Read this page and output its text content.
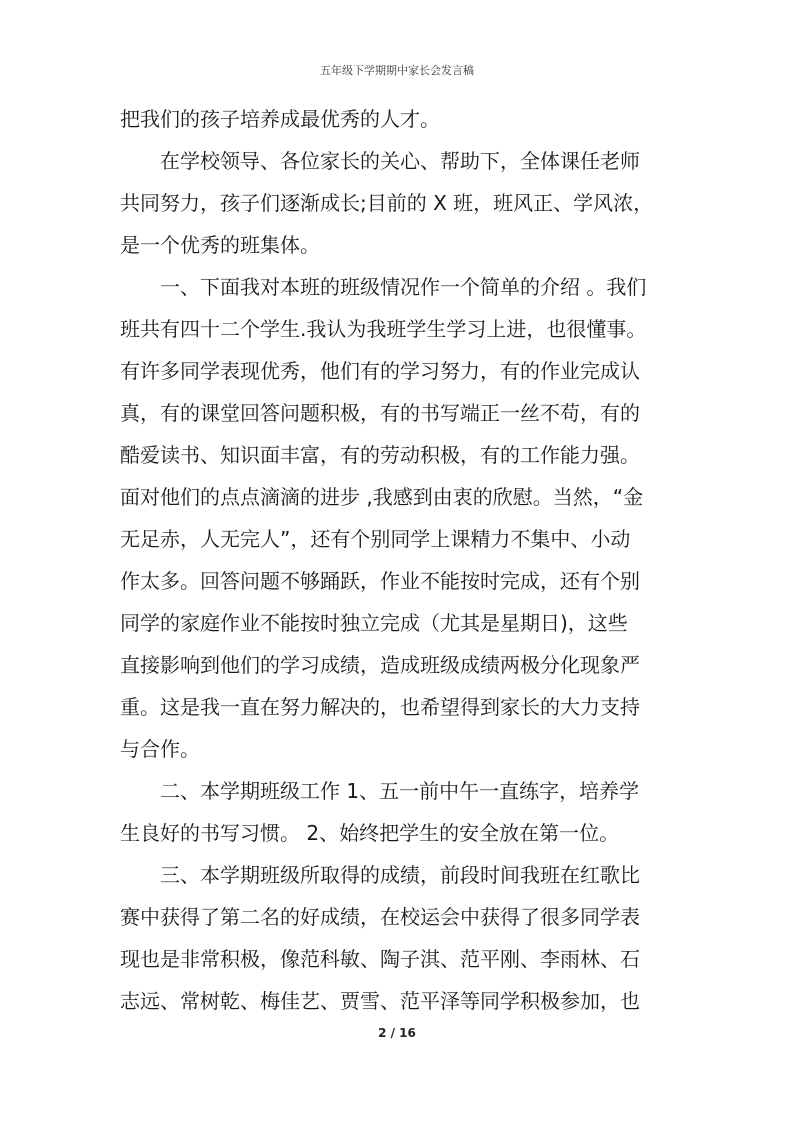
五年级下学期期中家长会发言稿
把我们的孩子培养成最优秀的人才。
　　在学校领导、各位家长的关心、帮助下，全体课任老师
共同努力，孩子们逐渐成长;目前的 X 班，班风正、学风浓，
是一个优秀的班集体。
　　一、下面我对本班的班级情况作一个简单的介绍 。我们
班共有四十二个学生.我认为我班学生学习上进，也很懂事。
有许多同学表现优秀，他们有的学习努力，有的作业完成认
真，有的课堂回答问题积极，有的书写端正一丝不苟，有的
酷爱读书、知识面丰富，有的劳动积极，有的工作能力强。
面对他们的点点滴滴的进步 ,我感到由衷的欣慰。当然，“金
无足赤，人无完人”，还有个别同学上课精力不集中、小动
作太多。回答问题不够踊跃，作业不能按时完成，还有个别
同学的家庭作业不能按时独立完成（尤其是星期日)，这些
直接影响到他们的学习成绩，造成班级成绩两极分化现象严
重。这是我一直在努力解决的，也希望得到家长的大力支持
与合作。
　　二、本学期班级工作 1、五一前中午一直练字，培养学
生良好的书写习惯。 2、始终把学生的安全放在第一位。
　　三、本学期班级所取得的成绩，前段时间我班在红歌比
赛中获得了第二名的好成绩，在校运会中获得了很多同学表
现也是非常积极，像范科敏、陶子淇、范平刚、李雨林、石
志远、常树乾、梅佳艺、贾雪、范平泽等同学积极参加，也
2 / 16
